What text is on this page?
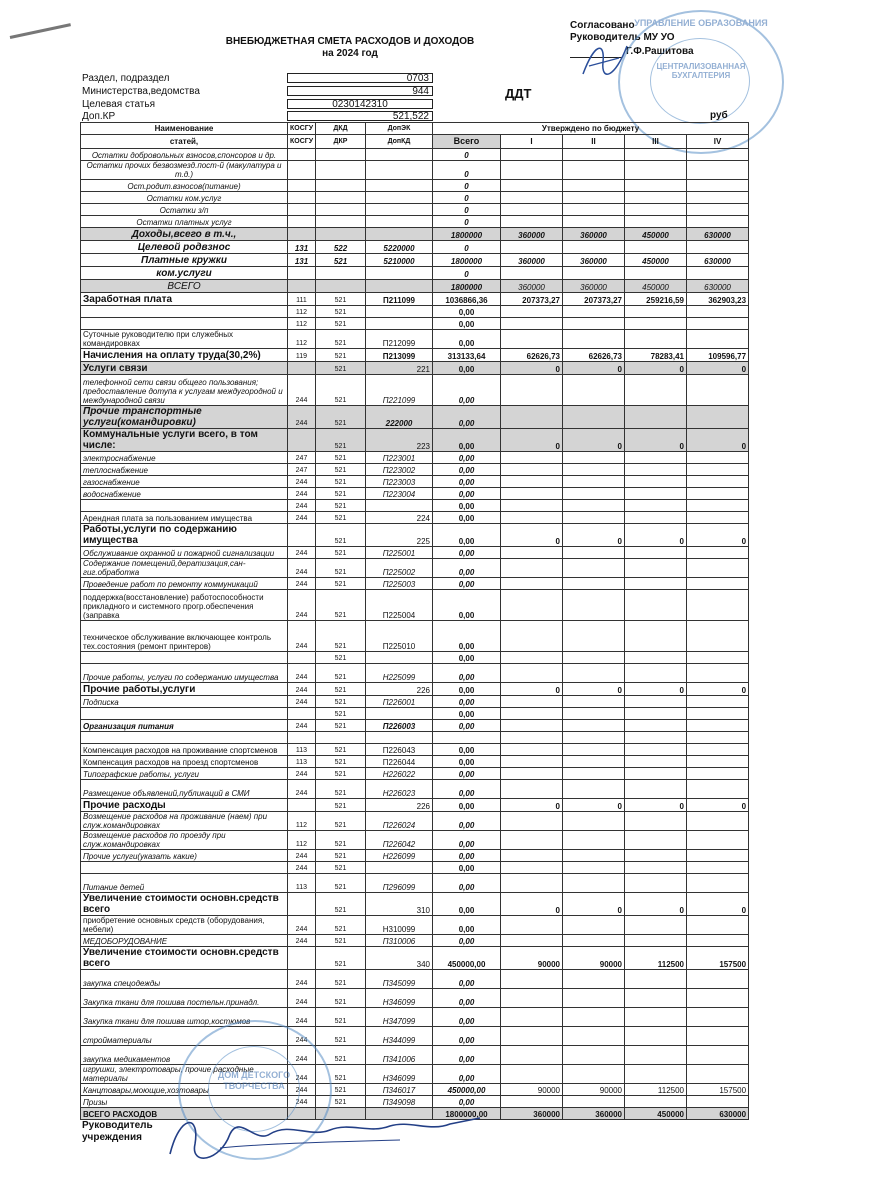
ВНЕБЮДЖЕТНАЯ СМЕТА РАСХОДОВ И ДОХОДОВ
на 2024 год
Согласовано
Руководитель МУ УО
Г.Ф.Рашитова
УПРАВЛЕНИЕ ОБРАЗОВАНИЯ
ЦЕНТРАЛИЗОВАННАЯ БУХГАЛТЕРИЯ
Раздел, подраздел	0703
Министерства,ведомства	944
Целевая статья	0230142310
Доп.КР	521,522
ДДТ
руб
Наименование	КОСГУ	ДКД	ДопЭК	Утверждено по бюджету				
статей,	КОСГУ	ДКР	ДопКД	Всего	I	II	III	IV
Остатки добровольных взносов,спонсоров и др.				0				
Остатки прочих безвозмезд.пост-й (макулатура и т.д.)				0				
Ост.родит.взносов(питание)				0				
Остатки ком.услуг				0				
Остатки з/п				0				
Остатки платных услуг				0				
Доходы,всего в т.ч.,				1800000	360000	360000	450000	630000
Целевой родвзнос	131	522	5220000	0				
Платные кружки	131	521	5210000	1800000	360000	360000	450000	630000
ком.услуги				0				
ВСЕГО				1800000	360000	360000	450000	630000
Заработная плата	111	521	П211099	1036866,36	207373,27	207373,27	259216,59	362903,23
	112	521		0,00				
	112	521		0,00				
Суточные руководителю при служебных командировках	112	521	П212099	0,00				
Начисления на оплату труда(30,2%)	119	521	П213099	313133,64	62626,73	62626,73	78283,41	109596,77
Услуги связи		521	221	0,00	0	0	0	0
телефонной сети связи общего пользования; предоставление дотупа к услугам междугородной и международной связи	244	521	П221099	0,00				
Прочие транспортные услуги(командировки)	244	521	222000	0,00				
Коммунальные услуги всего, в том числе:		521	223	0,00	0	0	0	0
электроснабжение	247	521	П223001	0,00				
теплоснабжение	247	521	П223002	0,00				
газоснабжение	244	521	П223003	0,00				
водоснабжение	244	521	П223004	0,00				
	244	521		0,00				
Арендная плата за пользованием имущества	244	521	224	0,00				
Работы,услуги по содержанию имущества		521	225	0,00	0	0	0	0
Обслуживание охранной и пожарной сигнализации	244	521	П225001	0,00				
Содержание помещений,дератизация,сан-гиг.обработка	244	521	П225002	0,00				
Проведение работ по ремонту коммуникаций	244	521	П225003	0,00				
поддержка(восстановление) работоспособности прикладного и системного прогр.обеспечения (заправка	244	521	П225004	0,00				
техническое обслуживание включающее контроль тех.состояния (ремонт принтеров)	244	521	П225010	0,00				
		521		0,00				
Прочие работы, услуги по содержанию имущества	244	521	Н225099	0,00				
Прочие работы,услуги	244	521	226	0,00	0	0	0	0
Подписка	244	521	П226001	0,00				
		521		0,00				
Организация питания	244	521	П226003	0,00				

Компенсация расходов на проживание спортсменов	113	521	П226043	0,00				
Компенсация расходов на проезд спортсменов	113	521	П226044	0,00				
Типографские работы, услуги	244	521	Н226022	0,00				
Размещение объявлений,публикаций в СМИ	244	521	Н226023	0,00				
Прочие расходы		521	226	0,00	0	0	0	0
Возмещение расходов на проживание (наем) при служ.командировках	112	521	П226024	0,00				
Возмещение расходов по проезду при служ.командировках	112	521	П226042	0,00				
Прочие услуги(указать какие)	244	521	Н226099	0,00				
	244	521		0,00				
Питание детей	113	521	П296099	0,00				
Увеличение стоимости основн.средств всего		521	310	0,00	0	0	0	0
приобретение основных средств (оборудования, мебели)	244	521	Н310099	0,00				
МЕДОБОРУДОВАНИЕ	244	521	П310006	0,00				
Увеличение стоимости основн.средств всего		521	340	450000,00	90000	90000	112500	157500
закупка спецодежды	244	521	П345099	0,00				
Закупка ткани для пошива постельн.принадл.	244	521	Н346099	0,00				
Закупка ткани для пошива штор,костюмов	244	521	Н347099	0,00				
стройматериалы	244	521	Н344099	0,00				
закупка медикаментов	244	521	П341006	0,00				
игрушки, электротовары, прочие расходные материалы	244	521	Н346099	0,00				
Канцтовары,моющие,хозтовары	244	521	П346017	450000,00	90000	90000	112500	157500
Призы	244	521	П349098	0,00				
ВСЕГО РАСХОДОВ				1800000,00	360000	360000	450000	630000
ДОМ ДЕТСКОГО ТВОРЧЕСТВА
Руководитель
учреждения
